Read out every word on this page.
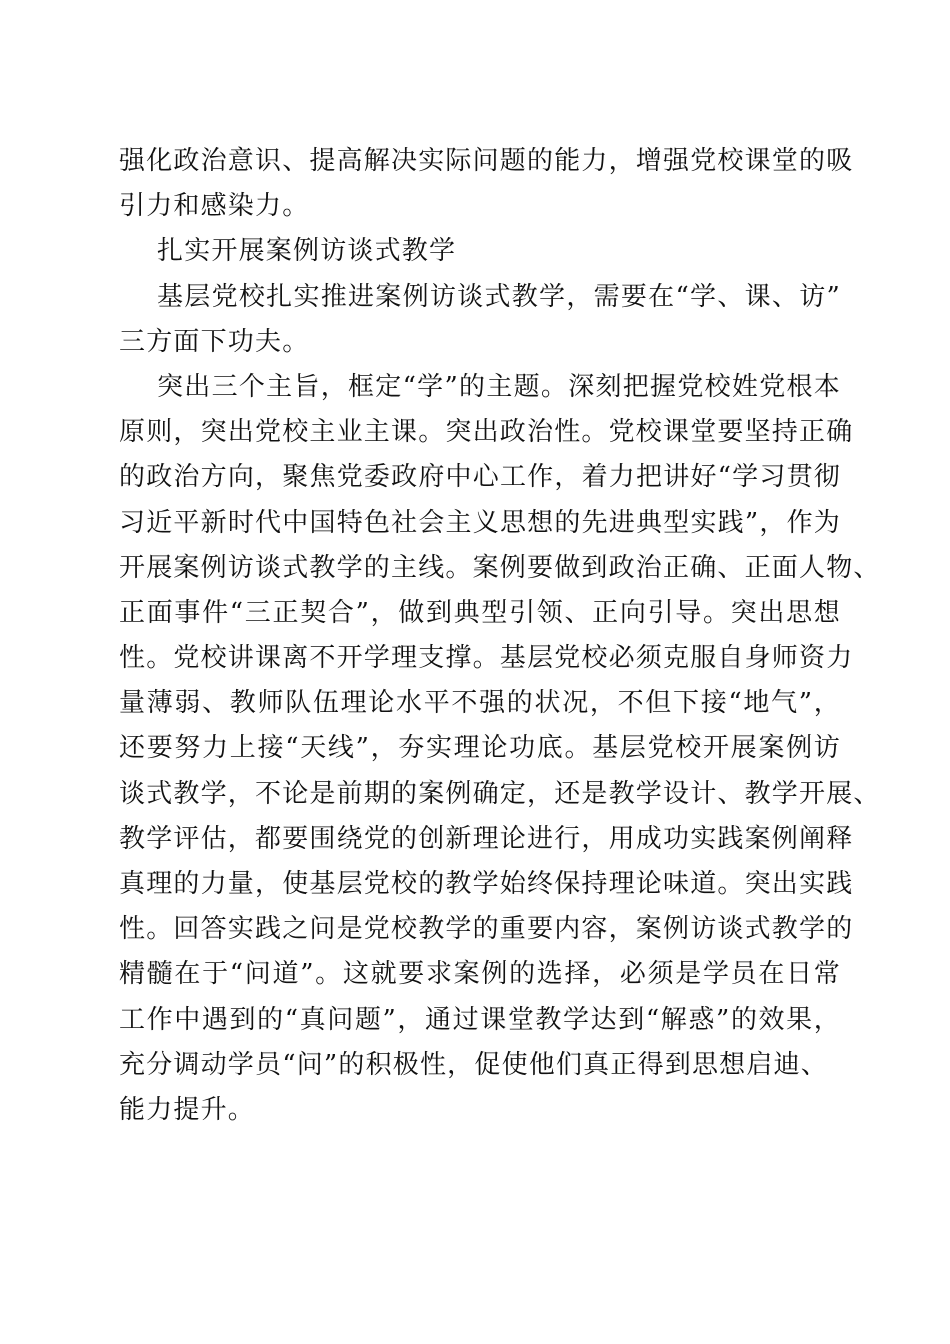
强化政治意识、提高解决实际问题的能力，增强党校课堂的吸
引力和感染力。
扎实开展案例访谈式教学
基层党校扎实推进案例访谈式教学，需要在“学、课、访”
三方面下功夫。
突出三个主旨，框定“学”的主题。深刻把握党校姓党根本
原则，突出党校主业主课。突出政治性。党校课堂要坚持正确
的政治方向，聚焦党委政府中心工作，着力把讲好“学习贯彻
习近平新时代中国特色社会主义思想的先进典型实践”，作为
开展案例访谈式教学的主线。案例要做到政治正确、正面人物、
正面事件“三正契合”，做到典型引领、正向引导。突出思想
性。党校讲课离不开学理支撑。基层党校必须克服自身师资力
量薄弱、教师队伍理论水平不强的状况，不但下接“地气”，
还要努力上接“天线”，夯实理论功底。基层党校开展案例访
谈式教学，不论是前期的案例确定，还是教学设计、教学开展、
教学评估，都要围绕党的创新理论进行，用成功实践案例阐释
真理的力量，使基层党校的教学始终保持理论味道。突出实践
性。回答实践之问是党校教学的重要内容，案例访谈式教学的
精髓在于“问道”。这就要求案例的选择，必须是学员在日常
工作中遇到的“真问题”，通过课堂教学达到“解惑”的效果，
充分调动学员“问”的积极性，促使他们真正得到思想启迪、
能力提升。
